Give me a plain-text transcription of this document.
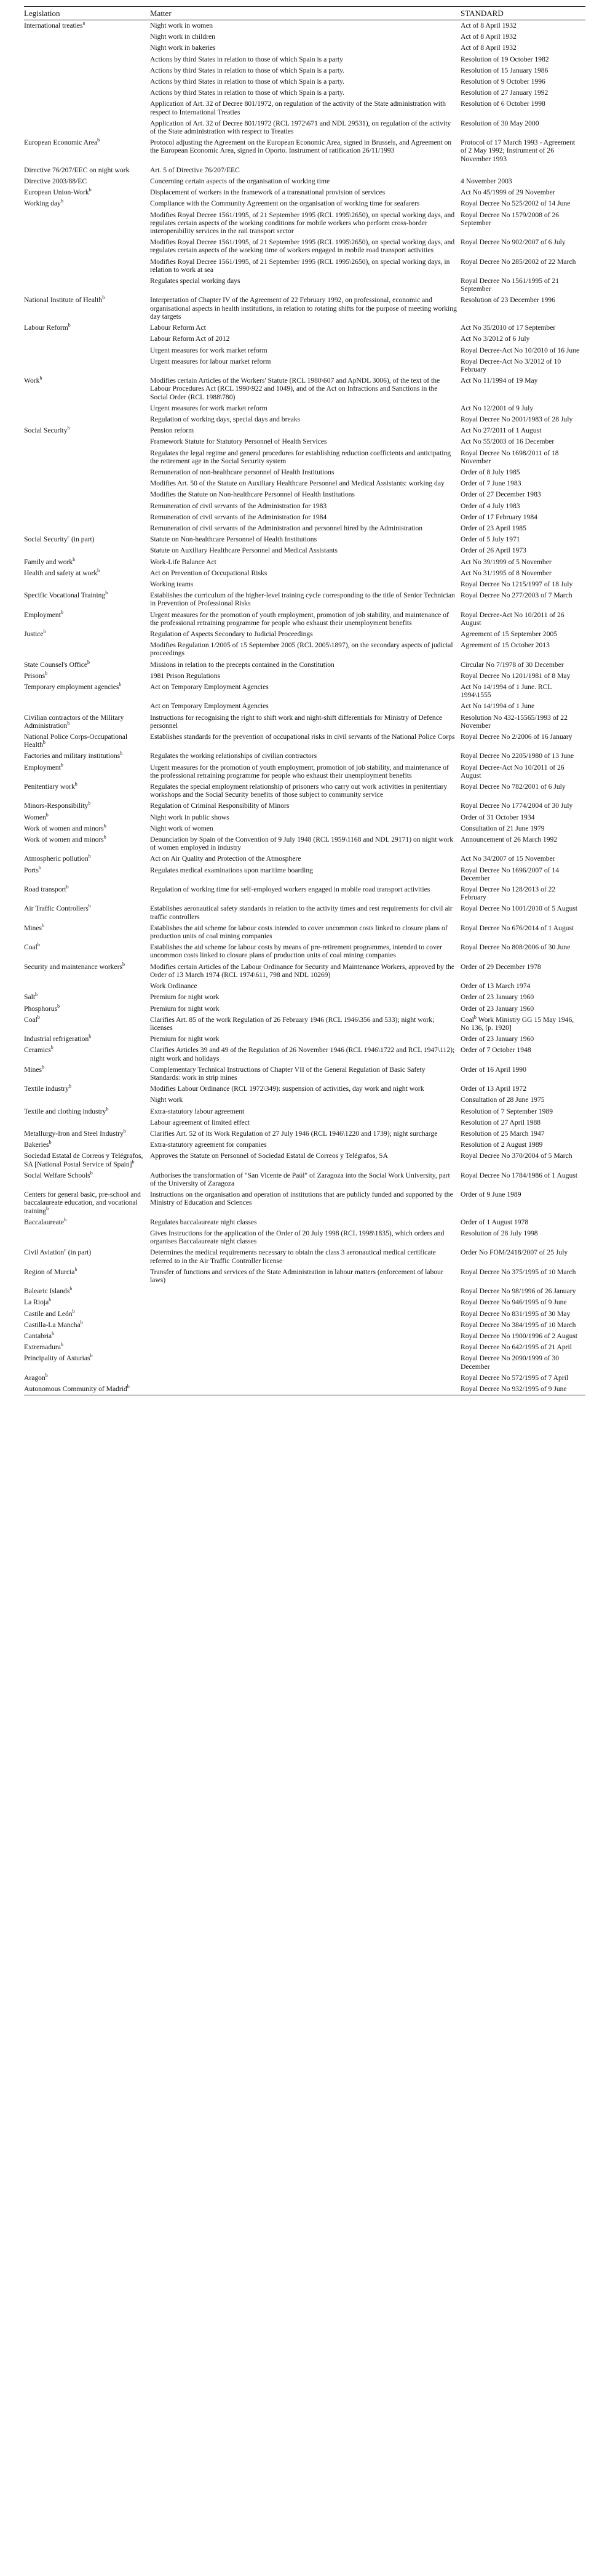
Legislation	Matter	STANDARD
International treaties$^a$	Night work in women	Act of 8 April 1932
	Night work in children	Act of 8 April 1932
	Night work in bakeries	Act of 8 April 1932
	Actions by third States in relation to those of which Spain is a party	Resolution of 19 October 1982
	Actions by third States in relation to those of which Spain is a party.	Resolution of 15 January 1986
	Actions by third States in relation to those of which Spain is a party.	Resolution of 9 October 1996
	Actions by third States in relation to those of which Spain is a party.	Resolution of 27 January 1992
	Application of Art. 32 of Decree 801/1972, on regulation of the activity of the State administration with respect to International Treaties	Resolution of 6 October 1998
	Application of Art. 32 of Decree 801/1972 (RCL 1972\671 and NDL 29531), on regulation of the activity of the State administration with respect to Treaties	Resolution of 30 May 2000
European Economic Area$^b$	Protocol adjusting the Agreement on the European Economic Area, signed in Brussels, and Agreement on the European Economic Area, signed in Oporto. Instrument of ratification 26/11/1993	Protocol of 17 March 1993 - Agreement of 2 May 1992; Instrument of 26 November 1993
Directive 76/207/EEC on night work	Art. 5 of Directive 76/207/EEC	
Directive 2003/88/EC	Concerning certain aspects of the organisation of working time	4 November 2003
European Union-Work$^b$	Displacement of workers in the framework of a transnational provision of services	Act No 45/1999 of 29 November
Working day$^b$	Compliance with the Community Agreement on the organisation of working time for seafarers	Royal Decree No 525/2002 of 14 June
	Modifies Royal Decree 1561/1995, of 21 September 1995 (RCL 1995\2650), on special working days, and regulates certain aspects of the working conditions for mobile workers who perform cross-border interoperability services in the rail transport sector	Royal Decree No 1579/2008 of 26 September
	Modifies Royal Decree 1561/1995, of 21 September 1995 (RCL 1995\2650), on special working days, and regulates certain aspects of the working time of workers engaged in mobile road transport activities	Royal Decree No 902/2007 of 6 July
	Modifies Royal Decree 1561/1995, of 21 September 1995 (RCL 1995\2650), on special working days, in relation to work at sea	Royal Decree No 285/2002 of 22 March
	Regulates special working days	Royal Decree No 1561/1995 of 21 September
National Institute of Health$^b$	Interpretation of Chapter IV of the Agreement of 22 February 1992, on professional, economic and organisational aspects in health institutions, in relation to rotating shifts for the purpose of meeting working day targets	Resolution of 23 December 1996
Labour Reform$^b$	Labour Reform Act	Act No 35/2010 of 17 September
	Labour Reform Act of 2012	Act No 3/2012 of 6 July
	Urgent measures for work market reform	Royal Decree-Act No 10/2010 of 16 June
	Urgent measures for labour market reform	Royal Decree-Act No 3/2012 of 10 February
Work$^b$	Modifies certain Articles of the Workers' Statute (RCL 1980\607 and ApNDL 3006), of the text of the Labour Procedures Act (RCL 1990\922 and 1049), and of the Act on Infractions and Sanctions in the Social Order (RCL 1988\780)	Act No 11/1994 of 19 May
	Urgent measures for work market reform	Act No 12/2001 of 9 July
	Regulation of working days, special days and breaks	Royal Decree No 2001/1983 of 28 July
Social Security$^b$	Pension reform	Act No 27/2011 of 1 August
	Framework Statute for Statutory Personnel of Health Services	Act No 55/2003 of 16 December
	Regulates the legal regime and general procedures for establishing reduction coefficients and anticipating the retirement age in the Social Security system	Royal Decree No 1698/2011 of 18 November
	Remuneration of non-healthcare personnel of Health Institutions	Order of 8 July 1985
	Modifies Art. 50 of the Statute on Auxiliary Healthcare Personnel and Medical Assistants: working day	Order of 7 June 1983
	Modifies the Statute on Non-healthcare Personnel of Health Institutions	Order of 27 December 1983
	Remuneration of civil servants of the Administration for 1983	Order of 4 July 1983
	Remuneration of civil servants of the Administration for 1984	Order of 17 February 1984
	Remuneration of civil servants of the Administration and personnel hired by the Administration	Order of 23 April 1985
Social Security$^c$ (in part)	Statute on Non-healthcare Personnel of Health Institutions	Order of 5 July 1971
	Statute on Auxiliary Healthcare Personnel and Medical Assistants	Order of 26 April 1973
Family and work$^b$	Work-Life Balance Act	Act No 39/1999 of 5 November
Health and safety at work$^b$	Act on Prevention of Occupational Risks	Act No 31/1995 of 8 November
	Working teams	Royal Decree No 1215/1997 of 18 July
Specific Vocational Training$^b$	Establishes the curriculum of the higher-level training cycle corresponding to the title of Senior Technician in Prevention of Professional Risks	Royal Decree No 277/2003 of 7 March
Employment$^b$	Urgent measures for the promotion of youth employment, promotion of job stability, and maintenance of the professional retraining programme for people who exhaust their unemployment benefits	Royal Decree-Act No 10/2011 of 26 August
Justice$^b$	Regulation of Aspects Secondary to Judicial Proceedings	Agreement of 15 September 2005
	Modifies Regulation 1/2005 of 15 September 2005 (RCL 2005\1897), on the secondary aspects of judicial proceedings	Agreement of 15 October 2013
State Counsel's Office$^b$	Missions in relation to the precepts contained in the Constitution	Circular No 7/1978 of 30 December
Prisons$^b$	1981 Prison Regulations	Royal Decree No 1201/1981 of 8 May
Temporary employment agencies$^b$	Act on Temporary Employment Agencies	Act No 14/1994 of 1 June. RCL 1994\1555
	Act on Temporary Employment Agencies	Act No 14/1994 of 1 June
Civilian contractors of the Military Administration$^b$	Instructions for recognising the right to shift work and night-shift differentials for Ministry of Defence personnel	Resolution No 432-15565/1993 of 22 November
National Police Corps-Occupational Health$^b$	Establishes standards for the prevention of occupational risks in civil servants of the National Police Corps	Royal Decree No 2/2006 of 16 January
Factories and military institutions$^b$	Regulates the working relationships of civilian contractors	Royal Decree No 2205/1980 of 13 June
Employment$^b$	Urgent measures for the promotion of youth employment, promotion of job stability, and maintenance of the professional retraining programme for people who exhaust their unemployment benefits	Royal Decree-Act No 10/2011 of 26 August
Penitentiary work$^b$	Regulates the special employment relationship of prisoners who carry out work activities in penitentiary workshops and the Social Security benefits of those subject to community service	Royal Decree No 782/2001 of 6 July
Minors-Responsibility$^b$	Regulation of Criminal Responsibility of Minors	Royal Decree No 1774/2004 of 30 July
Women$^b$	Night work in public shows	Order of 31 October 1934
Work of women and minors$^b$	Night work of women	Consultation of 21 June 1979
Work of women and minors$^b$	Denunciation by Spain of the Convention of 9 July 1948 (RCL 1959\1168 and NDL 29171) on night work of women employed in industry	Announcement of 26 March 1992
Atmospheric pollution$^b$	Act on Air Quality and Protection of the Atmosphere	Act No 34/2007 of 15 November
Ports$^b$	Regulates medical examinations upon maritime boarding	Royal Decree No 1696/2007 of 14 December
Road transport$^b$	Regulation of working time for self-employed workers engaged in mobile road transport activities	Royal Decree No 128/2013 of 22 February
Air Traffic Controllers$^b$	Establishes aeronautical safety standards in relation to the activity times and rest requirements for civil air traffic controllers	Royal Decree No 1001/2010 of 5 August
Mines$^b$	Establishes the aid scheme for labour costs intended to cover uncommon costs linked to closure plans of production units of coal mining companies	Royal Decree No 676/2014 of 1 August
Coal$^b$	Establishes the aid scheme for labour costs by means of pre-retirement programmes, intended to cover uncommon costs linked to closure plans of production units of coal mining companies	Royal Decree No 808/2006 of 30 June
Security and maintenance workers$^b$	Modifies certain Articles of the Labour Ordinance for Security and Maintenance Workers, approved by the Order of 13 March 1974 (RCL 1974\611, 798 and NDL 10269)	Order of 29 December 1978
	Work Ordinance	Order of 13 March 1974
Salt$^b$	Premium for night work	Order of 23 January 1960
Phosphorus$^b$	Premium for night work	Order of 23 January 1960
Coal$^b$	Clarifies Art. 85 of the work Regulation of 26 February 1946 (RCL 1946\356 and 533); night work; licenses	Coal$^b$ Work Ministry GG 15 May 1946, No 136, [p. 1920]
Industrial refrigeration$^b$	Premium for night work	Order of 23 January 1960
Ceramics$^b$	Clarifies Articles 39 and 49 of the Regulation of 26 November 1946 (RCL 1946\1722 and RCL 1947\112); night work and holidays	Order of 7 October 1948
Mines$^b$	Complementary Technical Instructions of Chapter VII of the General Regulation of Basic Safety Standards: work in strip mines	Order of 16 April 1990
Textile industry$^b$	Modifies Labour Ordinance (RCL 1972\349): suspension of activities, day work and night work	Order of 13 April 1972
	Night work	Consultation of 28 June 1975
Textile and clothing industry$^b$	Extra-statutory labour agreement	Resolution of 7 September 1989
	Labour agreement of limited effect	Resolution of 27 April 1988
Metallurgy-Iron and Steel Industry$^b$	Clarifies Art. 52 of its Work Regulation of 27 July 1946 (RCL 1946\1220 and 1739); night surcharge	Resolution of 25 March 1947
Bakeries$^b$	Extra-statutory agreement for companies	Resolution of 2 August 1989
Sociedad Estatal de Correos y Telégrafos, SA [National Postal Service of Spain]$^b$	Approves the Statute on Personnel of Sociedad Estatal de Correos y Telégrafos, SA	Royal Decree No 370/2004 of 5 March
Social Welfare Schools$^b$	Authorises the transformation of "San Vicente de Paúl" of Zaragoza into the Social Work University, part of the University of Zaragoza	Royal Decree No 1784/1986 of 1 August
Centers for general basic, pre-school and baccalaureate education, and vocational training$^b$	Instructions on the organisation and operation of institutions that are publicly funded and supported by the Ministry of Education and Sciences	Order of 9 June 1989
Baccalaureate$^b$	Regulates baccalaureate night classes	Order of 1 August 1978
	Gives Instructions for the application of the Order of 20 July 1998 (RCL 1998\1835), which orders and organises Baccalaureate night classes	Resolution of 28 July 1998
Civil Aviation$^c$ (in part)	Determines the medical requirements necessary to obtain the class 3 aeronautical medical certificate referred to in the Air Traffic Controller license	Order No FOM/2418/2007 of 25 July
Region of Murcia$^b$	Transfer of functions and services of the State Administration in labour matters (enforcement of labour laws)	Royal Decree No 375/1995 of 10 March
Balearic Islands$^b$		Royal Decree No 98/1996 of 26 January
La Rioja$^b$		Royal Decree No 946/1995 of 9 June
Castile and León$^b$		Royal Decree No 831/1995 of 30 May
Castilla-La Mancha$^b$		Royal Decree No 384/1995 of 10 March
Cantabria$^b$		Royal Decree No 1900/1996 of 2 August
Extremadura$^b$		Royal Decree No 642/1995 of 21 April
Principality of Asturias$^b$		Royal Decree No 2090/1999 of 30 December
Aragon$^b$		Royal Decree No 572/1995 of 7 April
Autonomous Community of Madrid$^b$		Royal Decree No 932/1995 of 9 June
